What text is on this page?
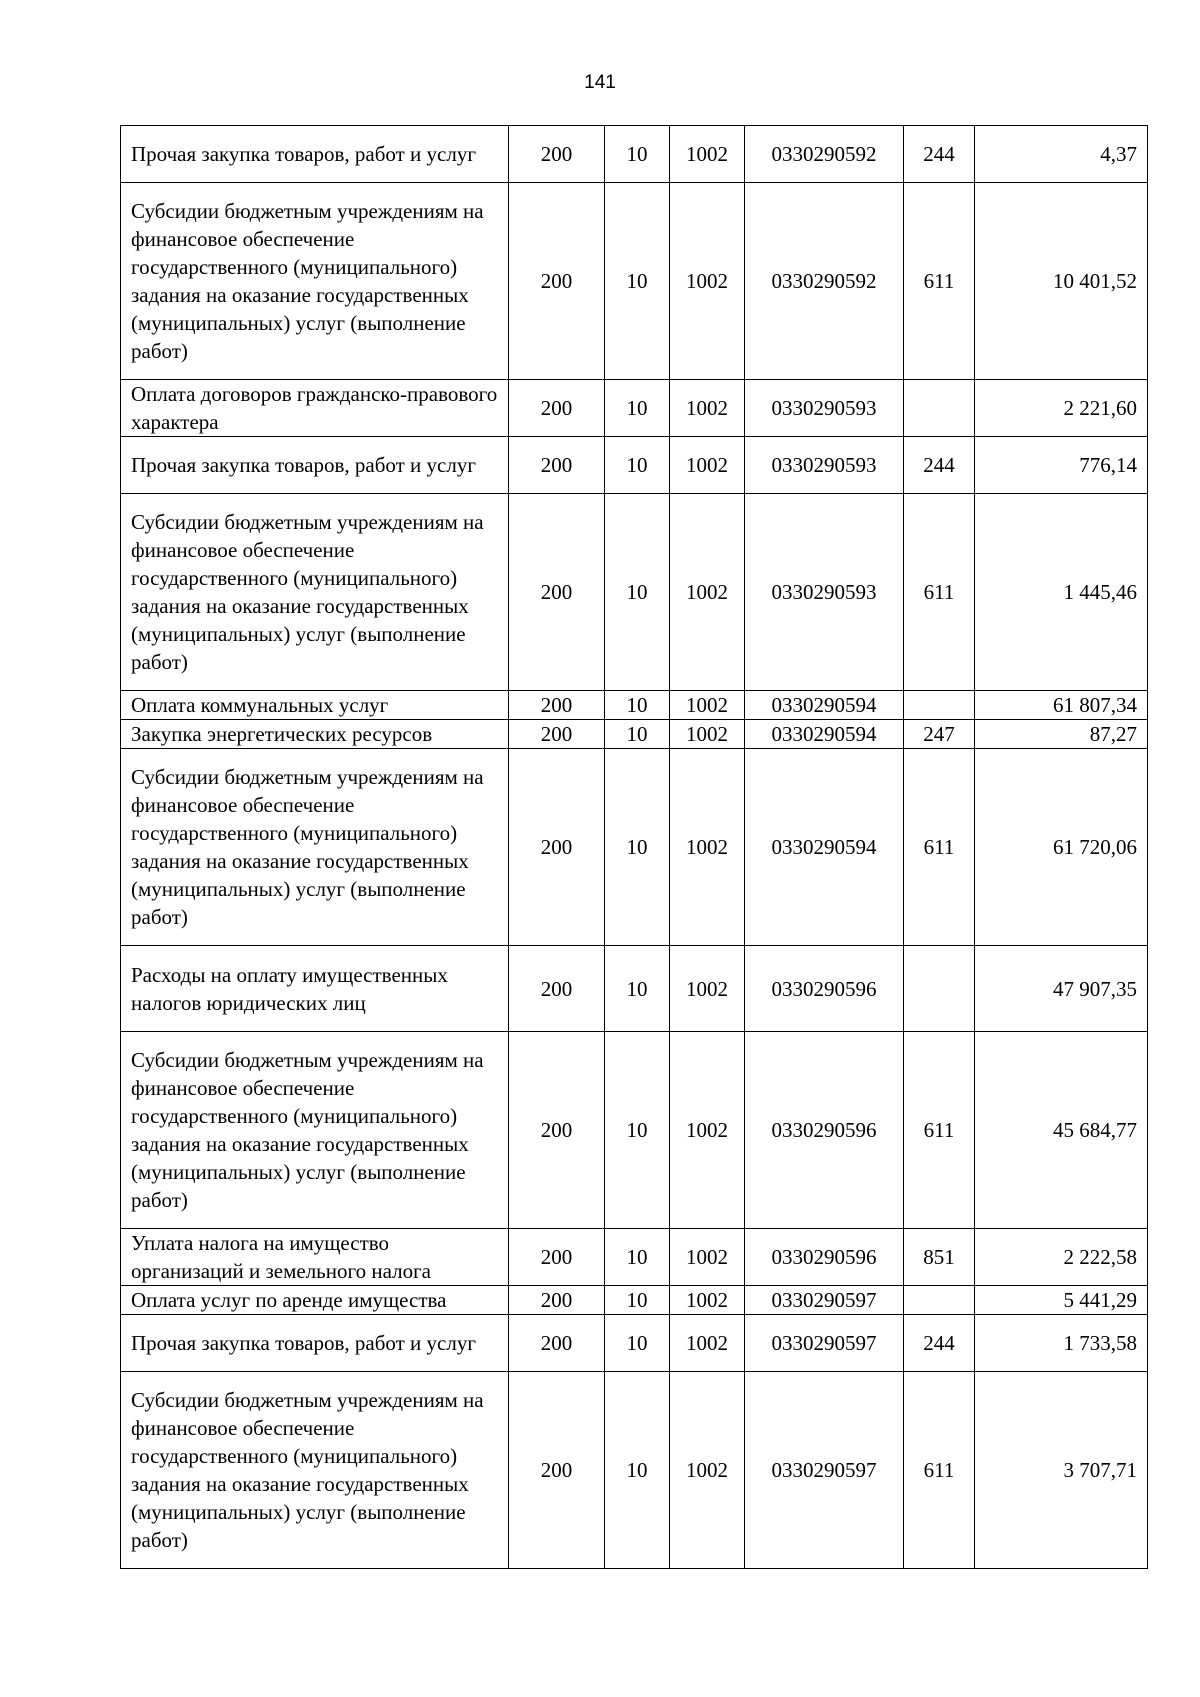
141
Прочая закупка товаров, работ и услуг	200	10	1002	0330290592	244	4,37
Субсидии бюджетным учреждениям на финансовое обеспечение государственного (муниципального) задания на оказание государственных (муниципальных) услуг (выполнение работ)	200	10	1002	0330290592	611	10 401,52
Оплата договоров гражданско-правового характера	200	10	1002	0330290593		2 221,60
Прочая закупка товаров, работ и услуг	200	10	1002	0330290593	244	776,14
Субсидии бюджетным учреждениям на финансовое обеспечение государственного (муниципального) задания на оказание государственных (муниципальных) услуг (выполнение работ)	200	10	1002	0330290593	611	1 445,46
Оплата коммунальных услуг	200	10	1002	0330290594		61 807,34
Закупка энергетических ресурсов	200	10	1002	0330290594	247	87,27
Субсидии бюджетным учреждениям на финансовое обеспечение государственного (муниципального) задания на оказание государственных (муниципальных) услуг (выполнение работ)	200	10	1002	0330290594	611	61 720,06
Расходы на оплату имущественных налогов юридических лиц	200	10	1002	0330290596		47 907,35
Субсидии бюджетным учреждениям на финансовое обеспечение государственного (муниципального) задания на оказание государственных (муниципальных) услуг (выполнение работ)	200	10	1002	0330290596	611	45 684,77
Уплата налога на имущество организаций и земельного налога	200	10	1002	0330290596	851	2 222,58
Оплата услуг по аренде имущества	200	10	1002	0330290597		5 441,29
Прочая закупка товаров, работ и услуг	200	10	1002	0330290597	244	1 733,58
Субсидии бюджетным учреждениям на финансовое обеспечение государственного (муниципального) задания на оказание государственных (муниципальных) услуг (выполнение работ)	200	10	1002	0330290597	611	3 707,71
